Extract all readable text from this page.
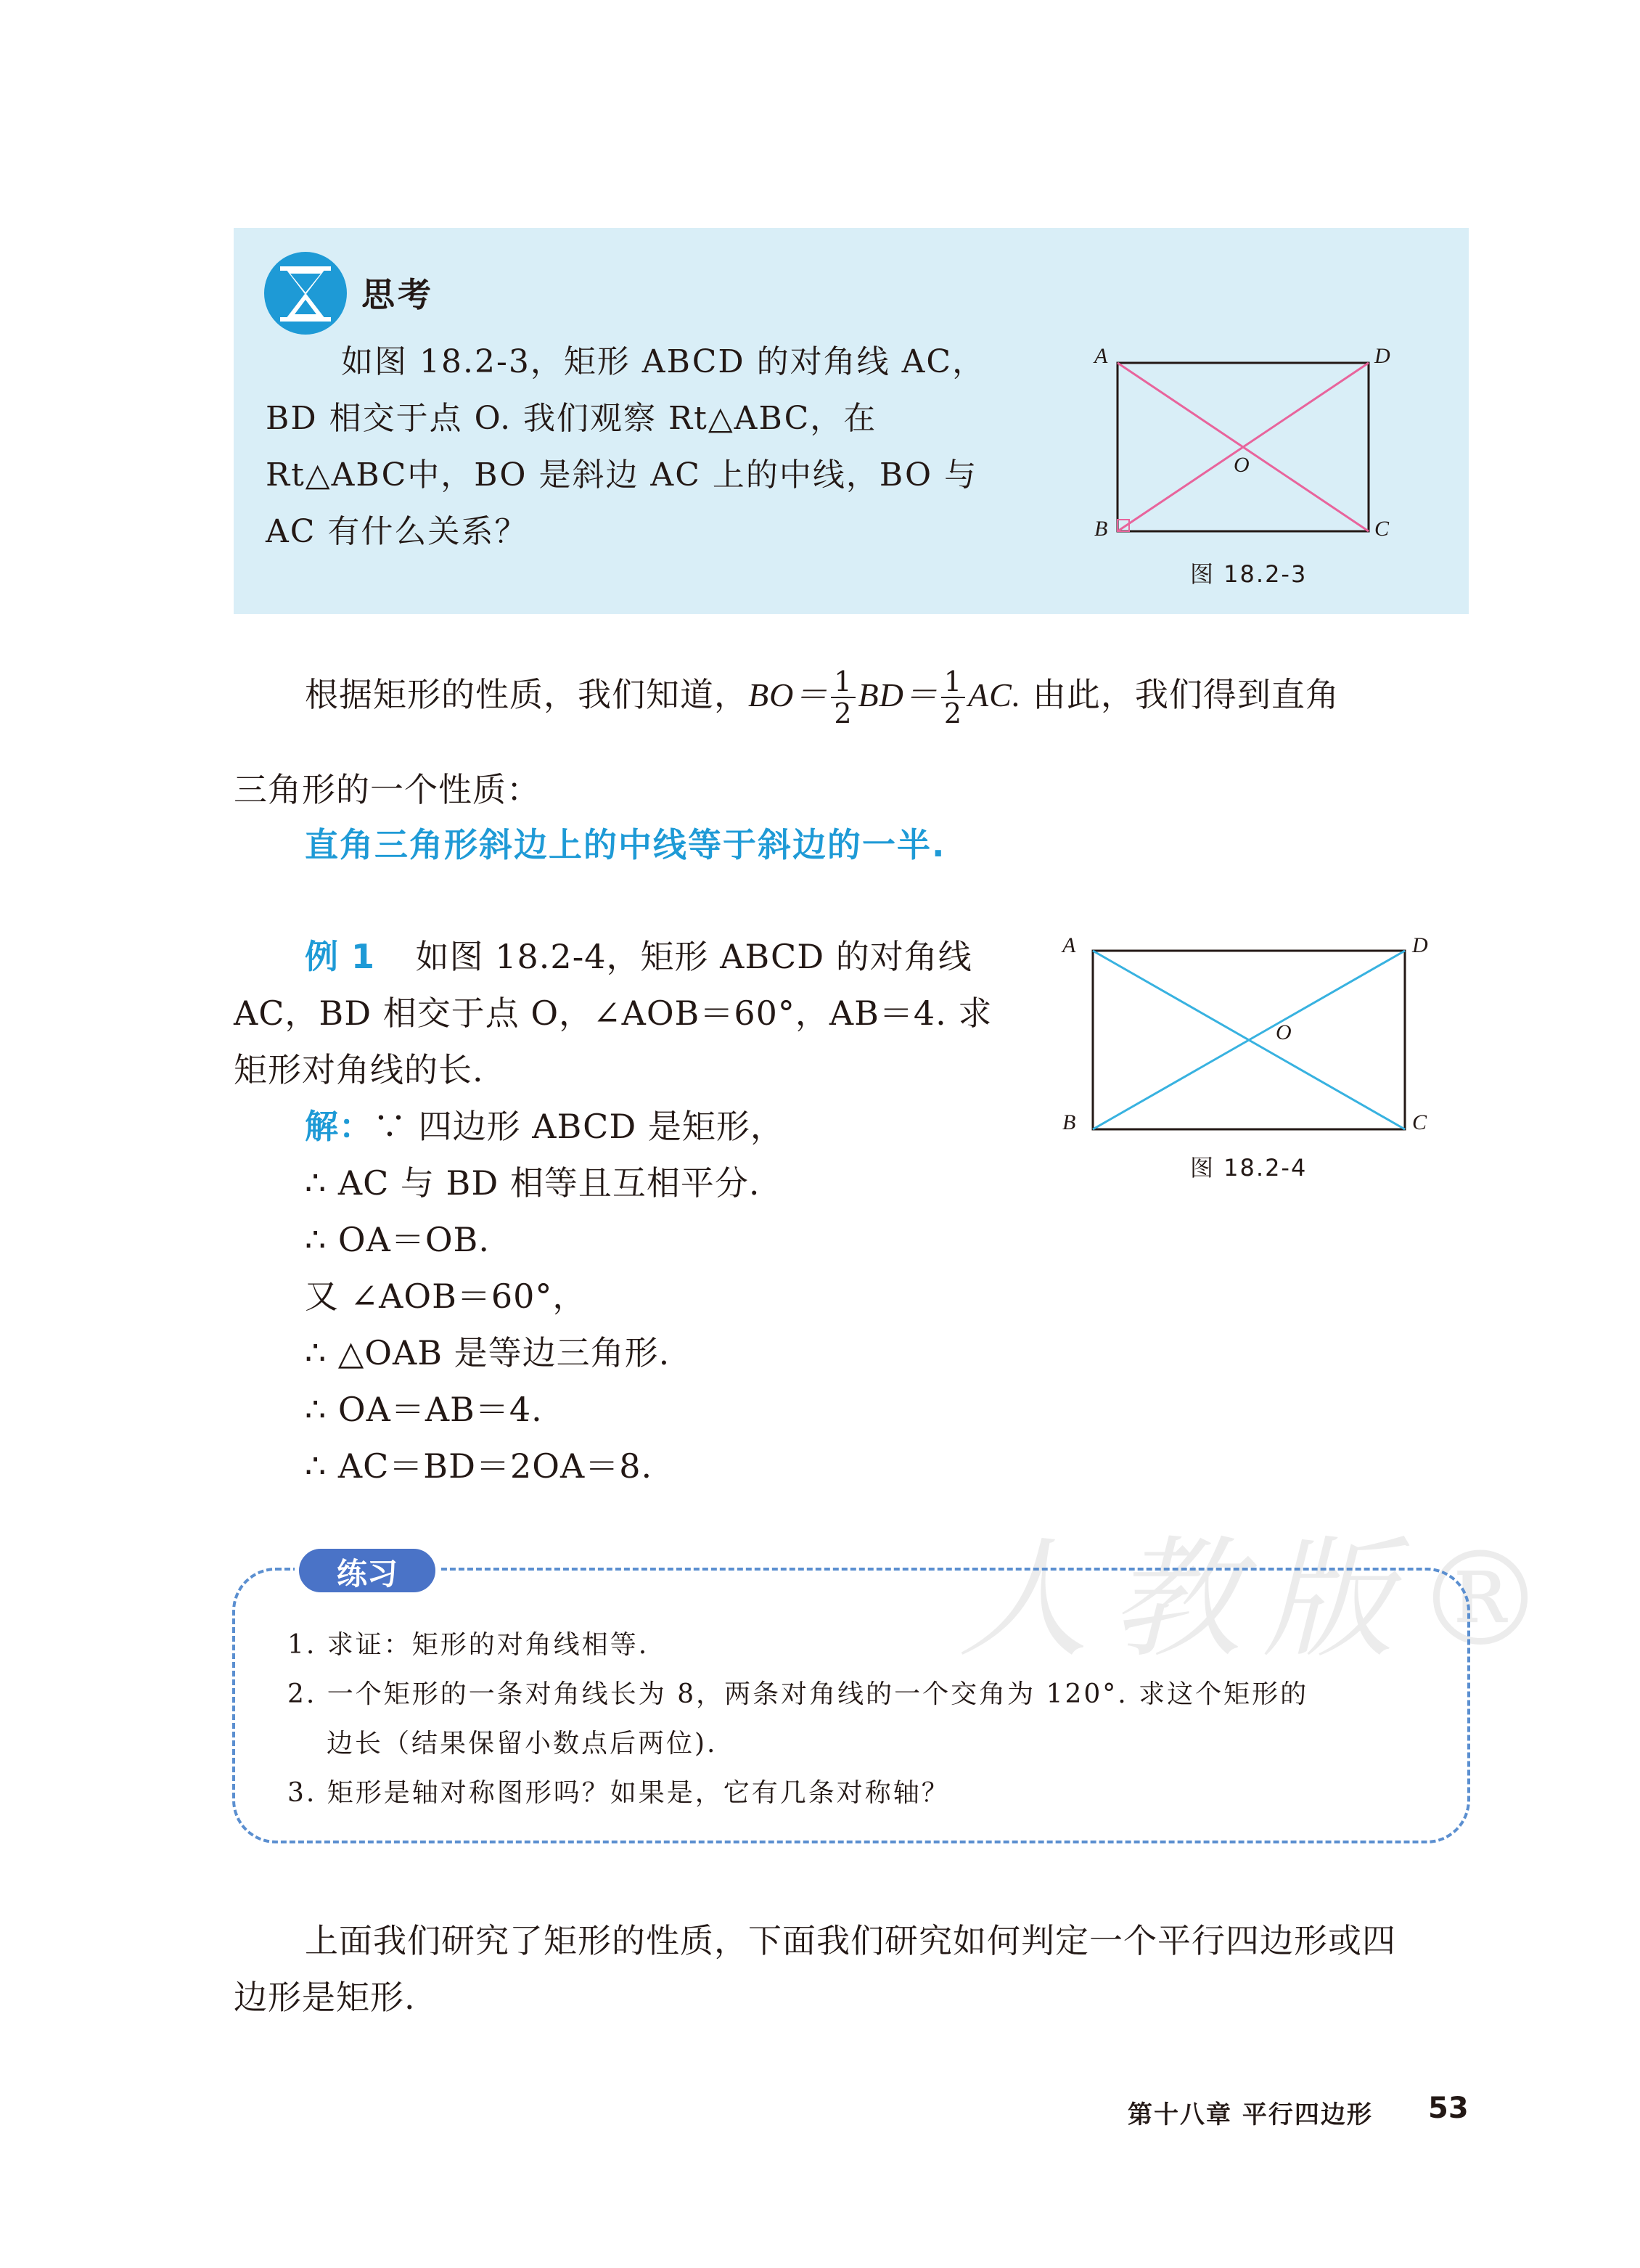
思考
如图 18.2-3，矩形 ABCD 的对角线 AC，
BD 相交于点 O. 我们观察 Rt△ABC，在
Rt△ABC中，BO 是斜边 AC 上的中线，BO 与
AC 有什么关系？
A	D
B	C
O
图 18.2-3
根据矩形的性质，我们知道，$BO= \frac{1}{2} BD= \frac{1}{2}$ AC. 由此，我们得到直角
三角形的一个性质：
直角三角形斜边上的中线等于斜边的一半.
例 1 如图 18.2-4，矩形 ABCD 的对角线
AC，BD 相交于点 O，∠AOB＝60°，AB＝4. 求
矩形对角线的长.
解：∵ 四边形 ABCD 是矩形，
∴ AC 与 BD 相等且互相平分.
∴ OA＝OB.
又 ∠AOB＝60°，
∴ △OAB 是等边三角形.
∴ OA＝AB＝4.
∴ AC＝BD＝2OA＝8.
A	D
B	C
O
图 18.2-4
人教版®
练习
1. 求证：矩形的对角线相等.
2. 一个矩形的一条对角线长为 8，两条对角线的一个交角为 120°. 求这个矩形的
边长（结果保留小数点后两位).
3. 矩形是轴对称图形吗？如果是，它有几条对称轴？
上面我们研究了矩形的性质，下面我们研究如何判定一个平行四边形或四
边形是矩形.
第十八章 平行四边形 53
